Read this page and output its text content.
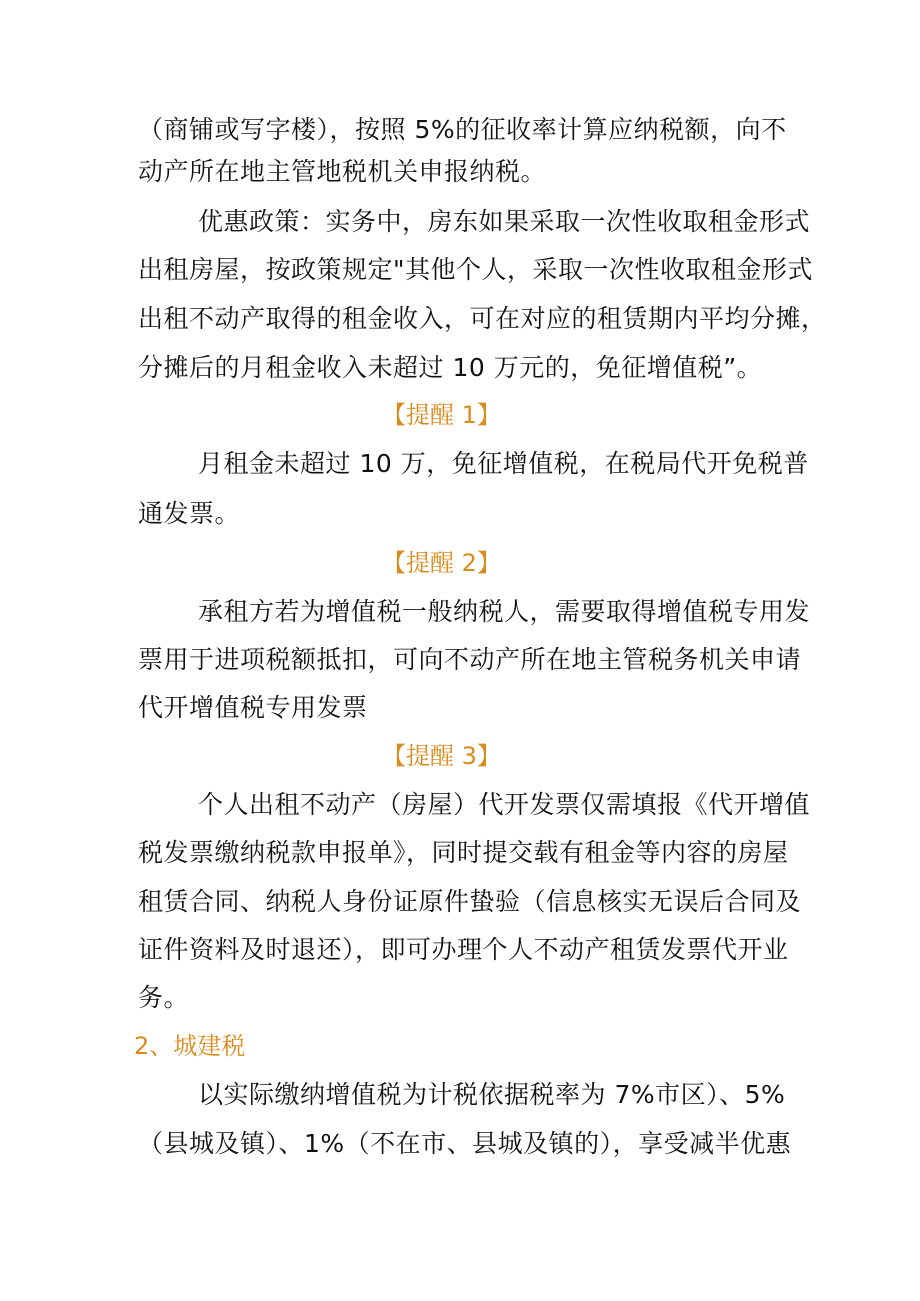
（商铺或写字楼），按照 5%的征收率计算应纳税额，向不
动产所在地主管地税机关申报纳税。
优惠政策：实务中，房东如果采取一次性收取租金形式
出租房屋，按政策规定"其他个人，采取一次性收取租金形式
出租不动产取得的租金收入，可在对应的租赁期内平均分摊，
分摊后的月租金收入未超过 10 万元的，免征增值税”。
【提醒 1】
月租金未超过 10 万，免征增值税，在税局代开免税普
通发票。
【提醒 2】
承租方若为增值税一般纳税人，需要取得增值税专用发
票用于进项税额抵扣，可向不动产所在地主管税务机关申请
代开增值税专用发票
【提醒 3】
个人出租不动产（房屋）代开发票仅需填报《代开增值
税发票缴纳税款申报单》，同时提交载有租金等内容的房屋
租赁合同、纳税人身份证原件蛰验（信息核实无误后合同及
证件资料及时退还），即可办理个人不动产租赁发票代开业
务。
2、城建税
以实际缴纳增值税为计税依据税率为 7%市区）、5%
（县城及镇）、1%（不在市、县城及镇的），享受减半优惠
